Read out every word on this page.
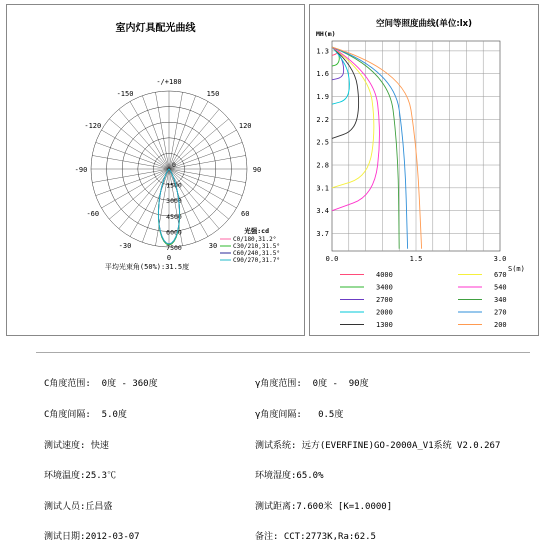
室内灯具配光曲线
-/+180
150
120
90
60
30
0
-30
-60
-90
-120
-150
0
1500
3000
4500
6000
7500
光强:cd
C0/180,31.2°
C30/210,31.5°
C60/240,31.5°
C90/270,31.7°
平均光束角(50%):31.5度
空间等照度曲线(单位:lx)
MH(m)
1.3
1.6
1.9
2.2
2.5
2.8
3.1
3.4
3.7
0.0	1.5	3.0
S(m)
4000
3400
2700
2000
1300
670
540
340
270
200

C角度范围:  0度 - 360度

C角度间隔:  5.0度

测试速度: 快速

环境温度:25.3℃

测试人员:丘昌盛

测试日期:2012-03-07

γ角度范围:  0度 -  90度

γ角度间隔:   0.5度

测试系统: 远方(EVERFINE)GO-2000A_V1系统 V2.0.267

环境湿度:65.0%

测试距离:7.600米 [K=1.0000]

备注: CCT:2773K,Ra:62.5
